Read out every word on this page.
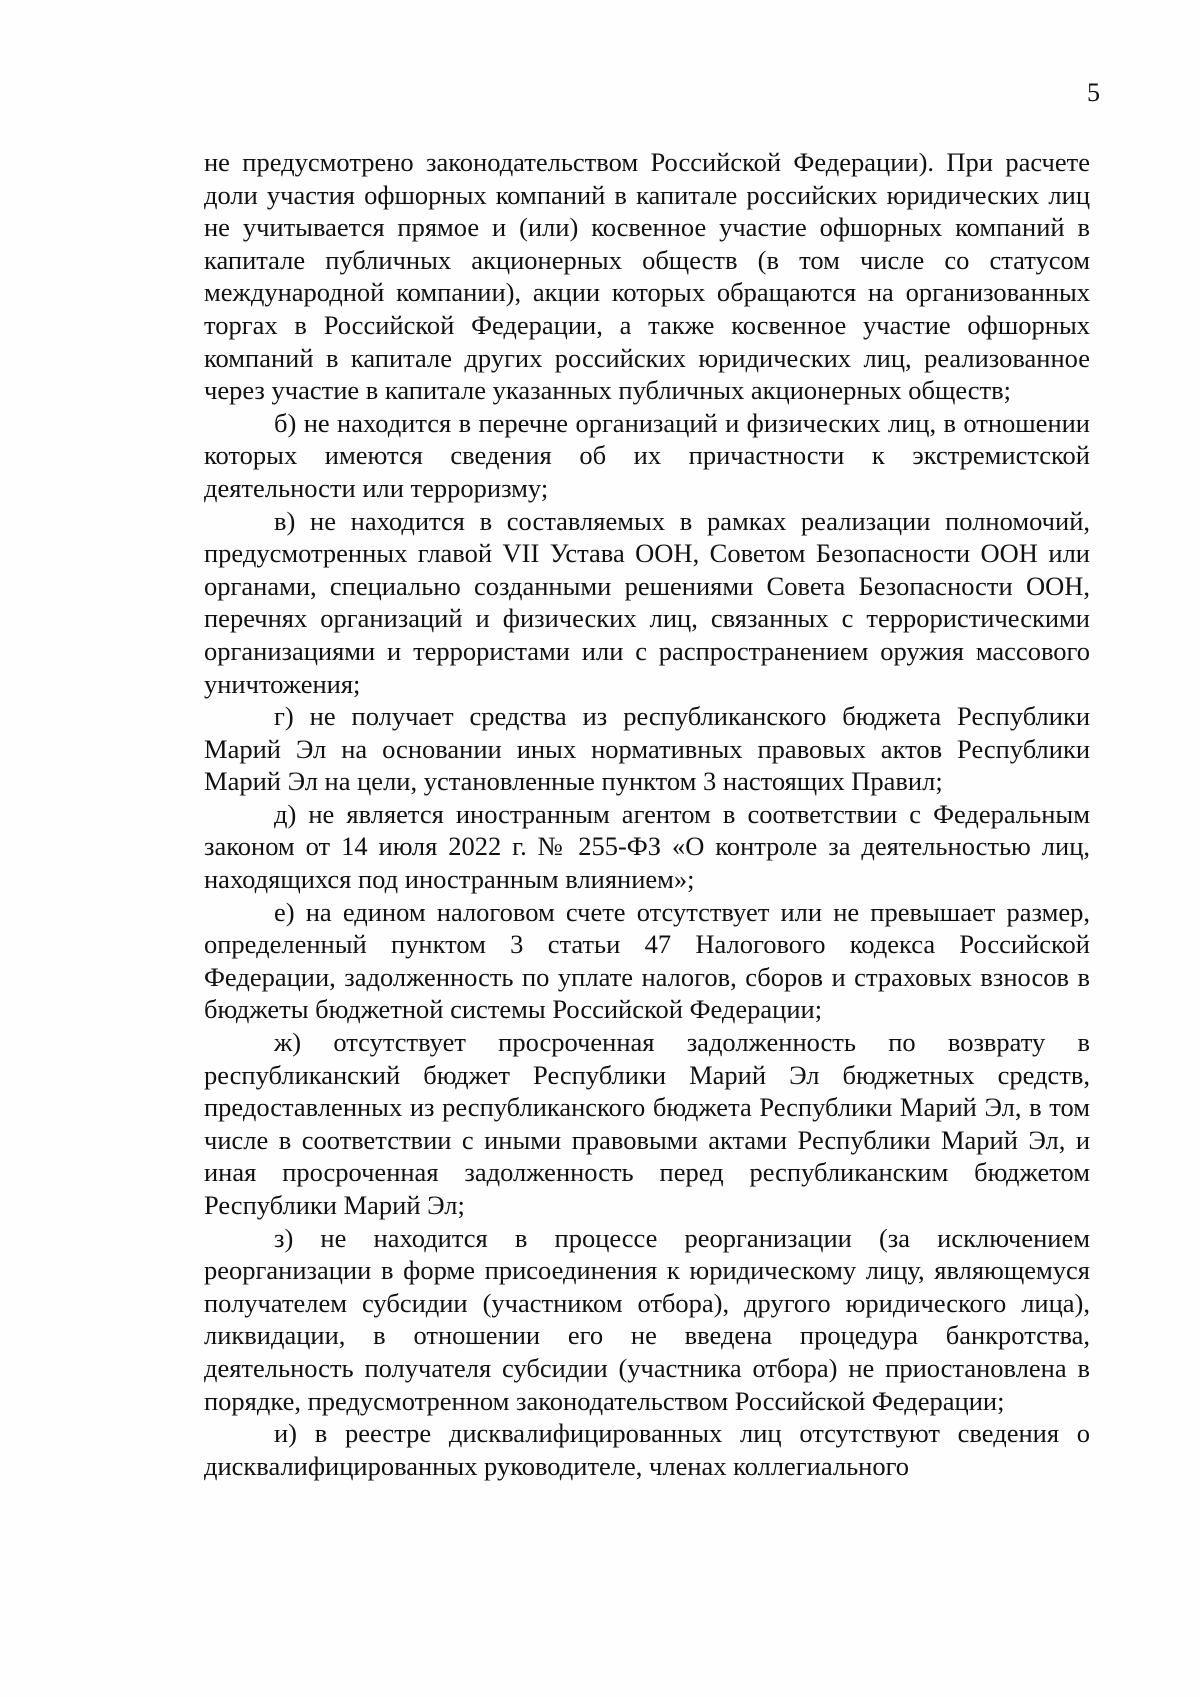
5

не предусмотрено законодательством Российской Федерации). При расчете доли участия офшорных компаний в капитале российских юридических лиц не учитывается прямое и (или) косвенное участие офшорных компаний в капитале публичных акционерных обществ (в том числе со статусом международной компании), акции которых обращаются на организованных торгах в Российской Федерации, а также косвенное участие офшорных компаний в капитале других российских юридических лиц, реализованное через участие в капитале указанных публичных акционерных обществ;

б) не находится в перечне организаций и физических лиц, в отношении которых имеются сведения об их причастности к экстремистской деятельности или терроризму;

в) не находится в составляемых в рамках реализации полномочий, предусмотренных главой VII Устава ООН, Советом Безопасности ООН или органами, специально созданными решениями Совета Безопасности ООН, перечнях организаций и физических лиц, связанных с террористическими организациями и террористами или с распространением оружия массового уничтожения;

г) не получает средства из республиканского бюджета Республики Марий Эл на основании иных нормативных правовых актов Республики Марий Эл на цели, установленные пунктом 3 настоящих Правил;

д) не является иностранным агентом в соответствии с Федеральным законом от 14 июля 2022 г. № 255-ФЗ «О контроле за деятельностью лиц, находящихся под иностранным влиянием»;

е) на едином налоговом счете отсутствует или не превышает размер, определенный пунктом 3 статьи 47 Налогового кодекса Российской Федерации, задолженность по уплате налогов, сборов и страховых взносов в бюджеты бюджетной системы Российской Федерации;

ж) отсутствует просроченная задолженность по возврату в республиканский бюджет Республики Марий Эл бюджетных средств, предоставленных из республиканского бюджета Республики Марий Эл, в том числе в соответствии с иными правовыми актами Республики Марий Эл, и иная просроченная задолженность перед республиканским бюджетом Республики Марий Эл;

з) не находится в процессе реорганизации (за исключением реорганизации в форме присоединения к юридическому лицу, являющемуся получателем субсидии (участником отбора), другого юридического лица), ликвидации, в отношении его не введена процедура банкротства, деятельность получателя субсидии (участника отбора) не приостановлена в порядке, предусмотренном законодательством Российской Федерации;

и) в реестре дисквалифицированных лиц отсутствуют сведения о дисквалифицированных руководителе, членах коллегиального
